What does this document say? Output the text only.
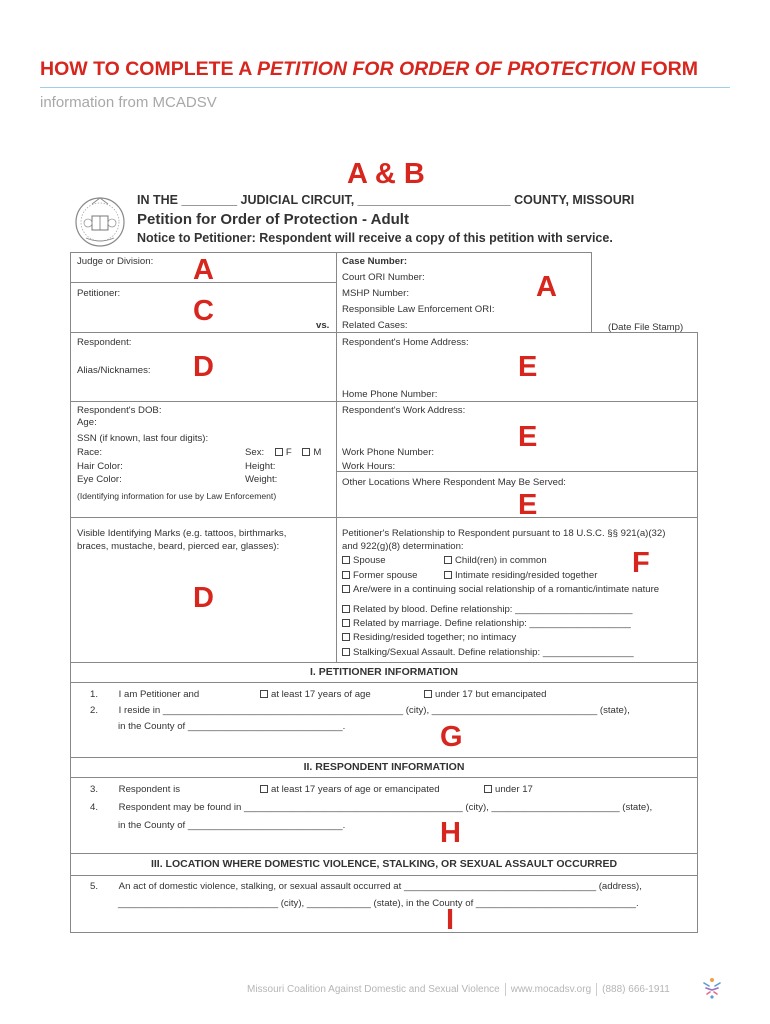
HOW TO COMPLETE A PETITION FOR ORDER OF PROTECTION FORM
information from MCADSV
A & B
IN THE ________ JUDICIAL CIRCUIT, ______________________ COUNTY, MISSOURI
Petition for Order of Protection - Adult
Notice to Petitioner: Respondent will receive a copy of this petition with service.
Judge or Division: A
Petitioner:
C	vs.
Case Number:
Court ORI Number:
MSHP Number:	A
Responsible Law Enforcement ORI:
Related Cases:	(Date File Stamp)
Respondent:
Alias/Nicknames: D
Respondent's Home Address:
E
Home Phone Number:
Respondent's DOB:
Age:
SSN (if known, last four digits):
Race:	Sex: F M
Hair Color:	Height:
Eye Color:	Weight:
(Identifying information for use by Law Enforcement)
Respondent's Work Address:
E
Work Phone Number:
Work Hours:
Other Locations Where Respondent May Be Served:
E
Visible Identifying Marks (e.g. tattoos, birthmarks,
braces, mustache, beard, pierced ear, glasses):
D
Petitioner's Relationship to Respondent pursuant to 18 U.S.C. §§ 921(a)(32)
and 922(g)(8) determination:
Spouse	Child(ren) in common	F
Former spouse	Intimate residing/resided together
Are/were in a continuing social relationship of a romantic/intimate nature
Related by blood. Define relationship: ______________________
Related by marriage. Define relationship: ___________________
Residing/resided together; no intimacy
Stalking/Sexual Assault. Define relationship: _________________
I. PETITIONER INFORMATION
1. I am Petitioner and	at least 17 years of age	under 17 but emancipated
2. I reside in _____________________________________________ (city), _______________________________ (state),
in the County of _____________________________.	G
II. RESPONDENT INFORMATION
3. Respondent is	at least 17 years of age or emancipated	under 17
4. Respondent may be found in _________________________________________ (city), ________________________ (state),
in the County of _____________________________.	H
III. LOCATION WHERE DOMESTIC VIOLENCE, STALKING, OR SEXUAL ASSAULT OCCURRED
5. An act of domestic violence, stalking, or sexual assault occurred at ____________________________________ (address),
______________________________ (city), ____________ (state), in the County of ______________________________.
I
Missouri Coalition Against Domestic and Sexual Violence www.mocadsv.org (888) 666-1911
